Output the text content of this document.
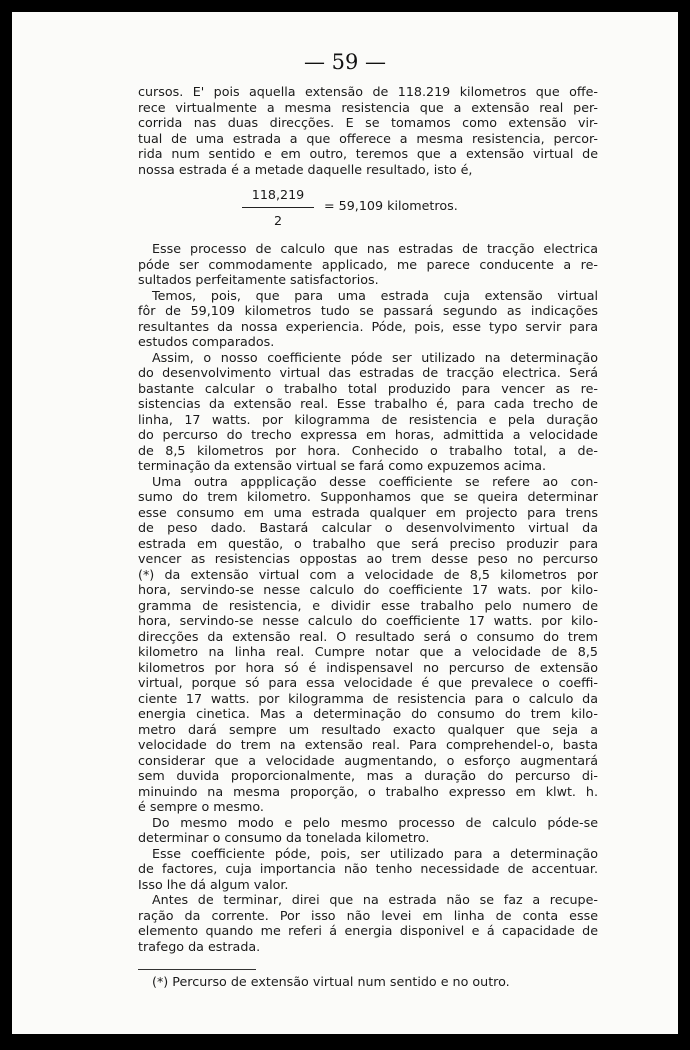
— 59 —

cursos. E' pois aquella extensão de 118.219 kilometros que offe-
rece virtualmente a mesma resistencia que a extensão real per-
corrida nas duas direcções. E se tomamos como extensão vir-
tual de uma estrada a que offerece a mesma resistencia, percor-
rida num sentido e em outro, teremos que a extensão virtual de
nossa estrada é a metade daquelle resultado, isto é,

118,219
2
= 59,109 kilometros.

Esse processo de calculo que nas estradas de tracção electrica
póde ser commodamente applicado, me parece conducente a re-
sultados perfeitamente satisfactorios.

Temos, pois, que para uma estrada cuja extensão virtual
fôr de 59,109 kilometros tudo se passará segundo as indicações
resultantes da nossa experiencia. Póde, pois, esse typo servir para
estudos comparados.

Assim, o nosso coefficiente póde ser utilizado na determinação
do desenvolvimento virtual das estradas de tracção electrica. Será
bastante calcular o trabalho total produzido para vencer as re-
sistencias da extensão real. Esse trabalho é, para cada trecho de
linha, 17 watts. por kilogramma de resistencia e pela duração
do percurso do trecho expressa em horas, admittida a velocidade
de 8,5 kilometros por hora. Conhecido o trabalho total, a de-
terminação da extensão virtual se fará como expuzemos acima.

Uma outra appplicação desse coefficiente se refere ao con-
sumo do trem kilometro. Supponhamos que se queira determinar
esse consumo em uma estrada qualquer em projecto para trens
de peso dado. Bastará calcular o desenvolvimento virtual da
estrada em questão, o trabalho que será preciso produzir para
vencer as resistencias oppostas ao trem desse peso no percurso
(*) da extensão virtual com a velocidade de 8,5 kilometros por
hora, servindo-se nesse calculo do coefficiente 17 wats. por kilo-
gramma de resistencia, e dividir esse trabalho pelo numero de
hora, servindo-se nesse calculo do coefficiente 17 watts. por kilo-
direcções da extensão real. O resultado será o consumo do trem
kilometro na linha real. Cumpre notar que a velocidade de 8,5
kilometros por hora só é indispensavel no percurso de extensão
virtual, porque só para essa velocidade é que prevalece o coeffi-
ciente 17 watts. por kilogramma de resistencia para o calculo da
energia cinetica. Mas a determinação do consumo do trem kilo-
metro dará sempre um resultado exacto qualquer que seja a
velocidade do trem na extensão real. Para comprehendel-o, basta
considerar que a velocidade augmentando, o esforço augmentará
sem duvida proporcionalmente, mas a duração do percurso di-
minuindo na mesma proporção, o trabalho expresso em klwt. h.
é sempre o mesmo.

Do mesmo modo e pelo mesmo processo de calculo póde-se
determinar o consumo da tonelada kilometro.

Esse coefficiente póde, pois, ser utilizado para a determinação
de factores, cuja importancia não tenho necessidade de accentuar.
Isso lhe dá algum valor.

Antes de terminar, direi que na estrada não se faz a recupe-
ração da corrente. Por isso não levei em linha de conta esse
elemento quando me referi á energia disponivel e á capacidade de
trafego da estrada.

(*) Percurso de extensão virtual num sentido e no outro.
